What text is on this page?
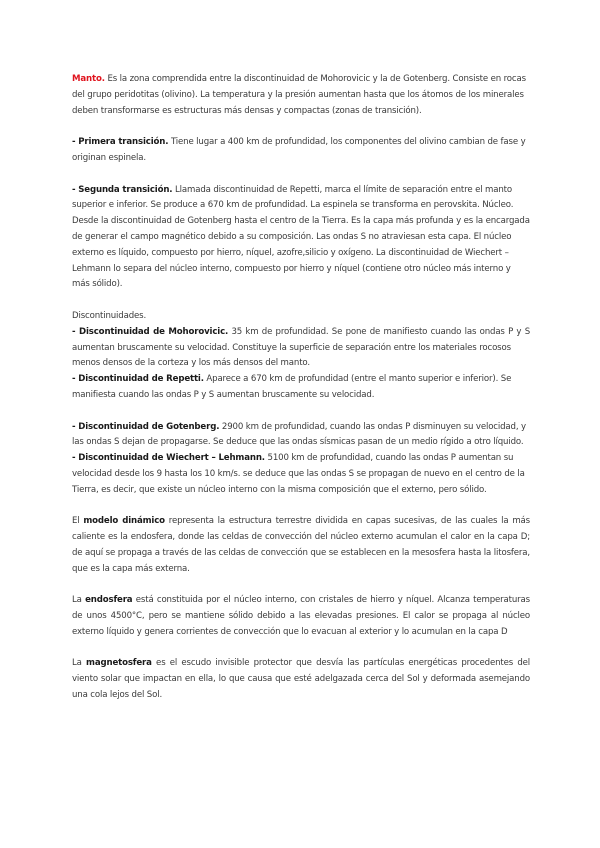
Manto. Es la zona comprendida entre la discontinuidad de Mohorovicic y la de Gotenberg. Consiste en rocas del grupo peridotitas (olivino). La temperatura y la presión aumentan hasta que los átomos de los minerales deben transformarse es estructuras más densas y compactas (zonas de transición).

- Primera transición. Tiene lugar a 400 km de profundidad, los componentes del olivino cambian de fase y originan espinela.

- Segunda transición. Llamada discontinuidad de Repetti, marca el límite de separación entre el manto superior e inferior. Se produce a 670 km de profundidad. La espinela se transforma en perovskita. Núcleo. Desde la discontinuidad de Gotenberg hasta el centro de la Tierra. Es la capa más profunda y es la encargada de generar el campo magnético debido a su composición. Las ondas S no atraviesan esta capa. El núcleo externo es líquido, compuesto por hierro, níquel, azofre,silicio y oxígeno. La discontinuidad de Wiechert – Lehmann lo separa del núcleo interno, compuesto por hierro y níquel (contiene otro núcleo más interno y más sólido).

Discontinuidades.

- Discontinuidad de Mohorovicic. 35 km de profundidad. Se pone de manifiesto cuando las ondas P y S aumentan bruscamente su velocidad. Constituye la superficie de separación entre los materiales rocosos

menos densos de la corteza y los más densos del manto.

- Discontinuidad de Repetti. Aparece a 670 km de profundidad (entre el manto superior e inferior). Se manifiesta cuando las ondas P y S aumentan bruscamente su velocidad.

- Discontinuidad de Gotenberg. 2900 km de profundidad, cuando las ondas P disminuyen su velocidad, y las ondas S dejan de propagarse. Se deduce que las ondas sísmicas pasan de un medio rígido a otro líquido.

- Discontinuidad de Wiechert – Lehmann. 5100 km de profundidad, cuando las ondas P aumentan su velocidad desde los 9 hasta los 10 km/s. se deduce que las ondas S se propagan de nuevo en el centro de la Tierra, es decir, que existe un núcleo interno con la misma composición que el externo, pero sólido.

El modelo dinámico representa la estructura terrestre dividida en capas sucesivas, de las cuales la más caliente es la endosfera, donde las celdas de convección del núcleo externo acumulan el calor en la capa D; de aquí se propaga a través de las celdas de convección que se establecen en la mesosfera hasta la litosfera, que es la capa más externa.

La endosfera está constituida por el núcleo interno, con cristales de hierro y níquel. Alcanza temperaturas de unos 4500°C, pero se mantiene sólido debido a las elevadas presiones. El calor se propaga al núcleo externo líquido y genera corrientes de convección que lo evacuan al exterior y lo acumulan en la capa D

La magnetosfera es el escudo invisible protector que desvía las partículas energéticas procedentes del viento solar que impactan en ella, lo que causa que esté adelgazada cerca del Sol y deformada asemejando una cola lejos del Sol.
